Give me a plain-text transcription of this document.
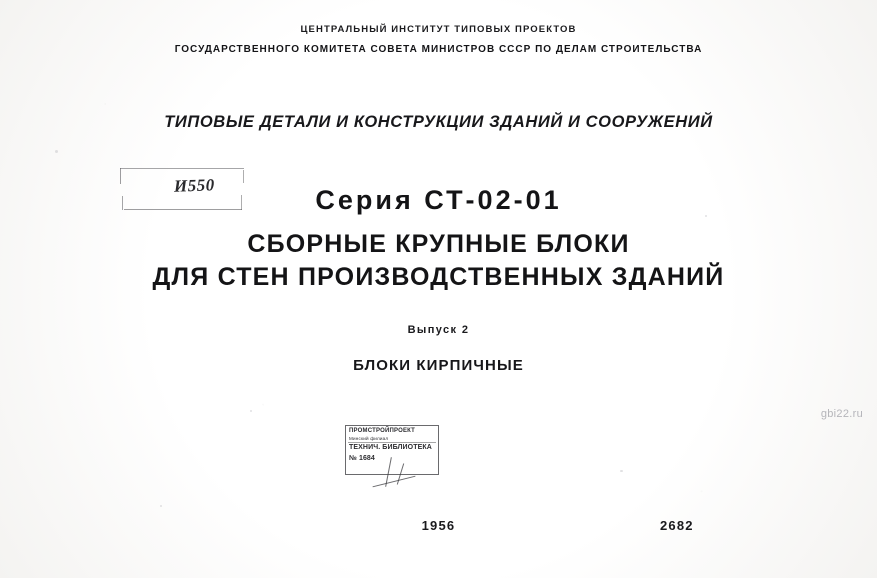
ЦЕНТРАЛЬНЫЙ ИНСТИТУТ ТИПОВЫХ ПРОЕКТОВ
ГОСУДАРСТВЕННОГО КОМИТЕТА СОВЕТА МИНИСТРОВ СССР ПО ДЕЛАМ СТРОИТЕЛЬСТВА
ТИПОВЫЕ ДЕТАЛИ И КОНСТРУКЦИИ ЗДАНИЙ И СООРУЖЕНИЙ
И550	Серия СТ-02-01
СБОРНЫЕ КРУПНЫЕ БЛОКИ
ДЛЯ СТЕН ПРОИЗВОДСТВЕННЫХ ЗДАНИЙ
Выпуск 2
БЛОКИ КИРПИЧНЫЕ
ПРОМСТРОЙПРОЕКТ
Минский филиал
ТЕХНИЧ. БИБЛИОТЕКА
№ 1684
gbi22.ru
1956	2682
